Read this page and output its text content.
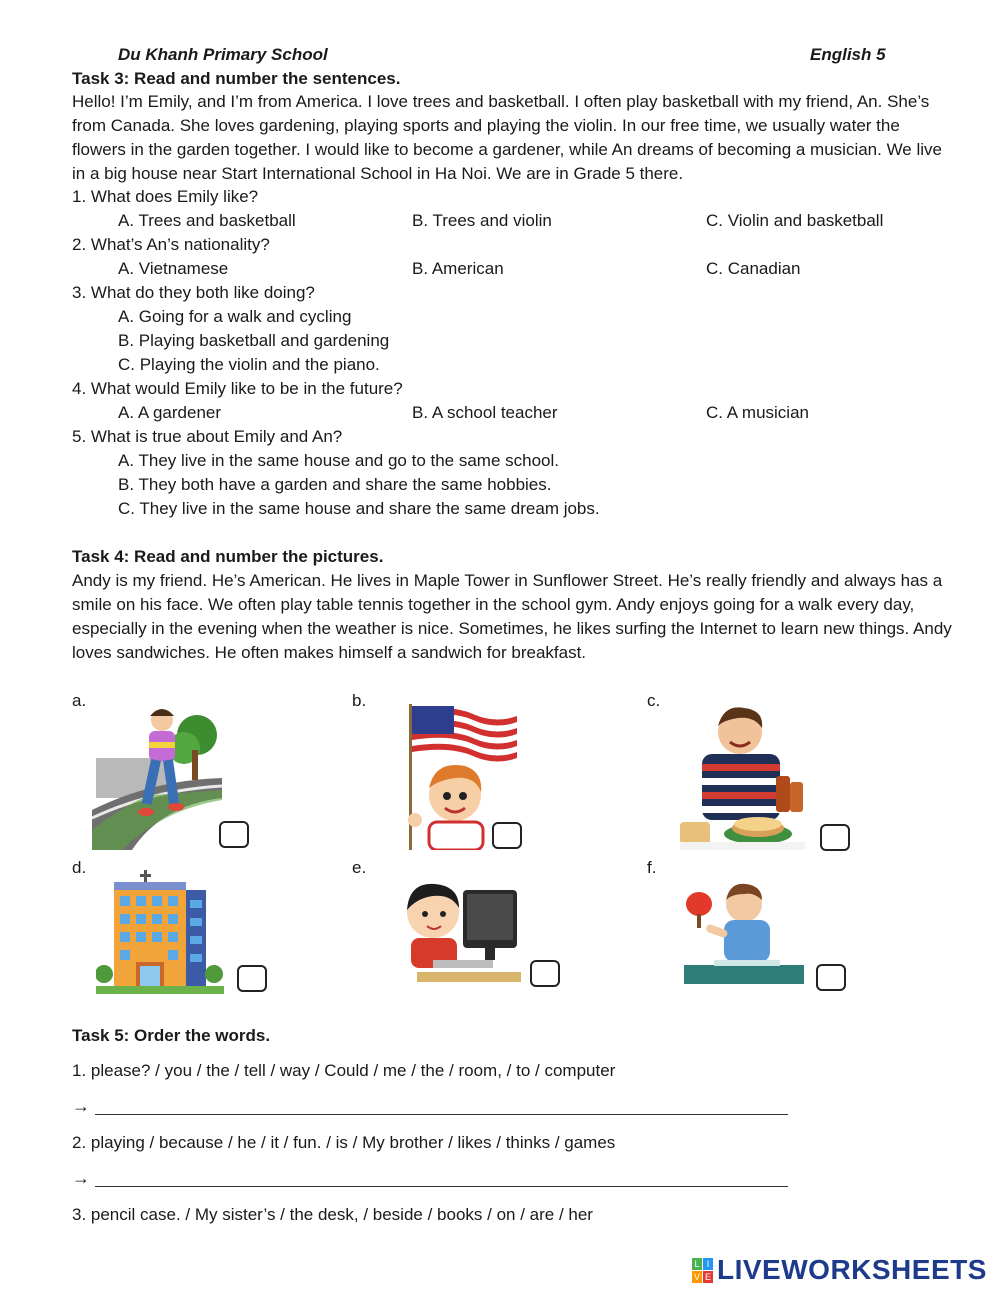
Du Khanh Primary School	English 5
Task 3: Read and number the sentences.
Hello! I’m Emily, and I’m from America. I love trees and basketball. I often play basketball with my friend, An. She’s from Canada. She loves gardening, playing sports and playing the violin. In our free time, we usually water the flowers in the garden together. I would like to become a gardener, while An dreams of becoming a musician. We live in a big house near Start International School in Ha Noi. We are in Grade 5 there.
1. What does Emily like?
A. Trees and basketball	B. Trees and violin	C. Violin and basketball
2. What’s An’s nationality?
A. Vietnamese	B. American	C. Canadian
3. What do they both like doing?
A. Going for a walk and cycling
B. Playing basketball and gardening
C. Playing the violin and the piano.
4. What would Emily like to be in the future?
A. A gardener	B. A school teacher	C. A musician
5. What is true about Emily and An?
A. They live in the same house and go to the same school.
B. They both have a garden and share the same hobbies.
C. They live in the same house and share the same dream jobs.
Task 4: Read and number the pictures.
Andy is my friend. He’s American. He lives in Maple Tower in Sunflower Street. He’s really friendly and always has a smile on his face. We often play table tennis together in the school gym. Andy enjoys going for a walk every day, especially in the evening when the weather is nice. Sometimes, he likes surfing the Internet to learn new things. Andy loves sandwiches. He often makes himself a sandwich for breakfast.
a.	b.	c.
d.	e.	f.
Task 5: Order the words.
1. please? / you / the / tell / way / Could / me / the / room, / to / computer
→
2. playing / because / he / it / fun. / is / My brother / likes / thinks / games
→
3. pencil case. / My sister’s / the desk, / beside / books / on / are / her
L I
V E LIVEWORKSHEETS
